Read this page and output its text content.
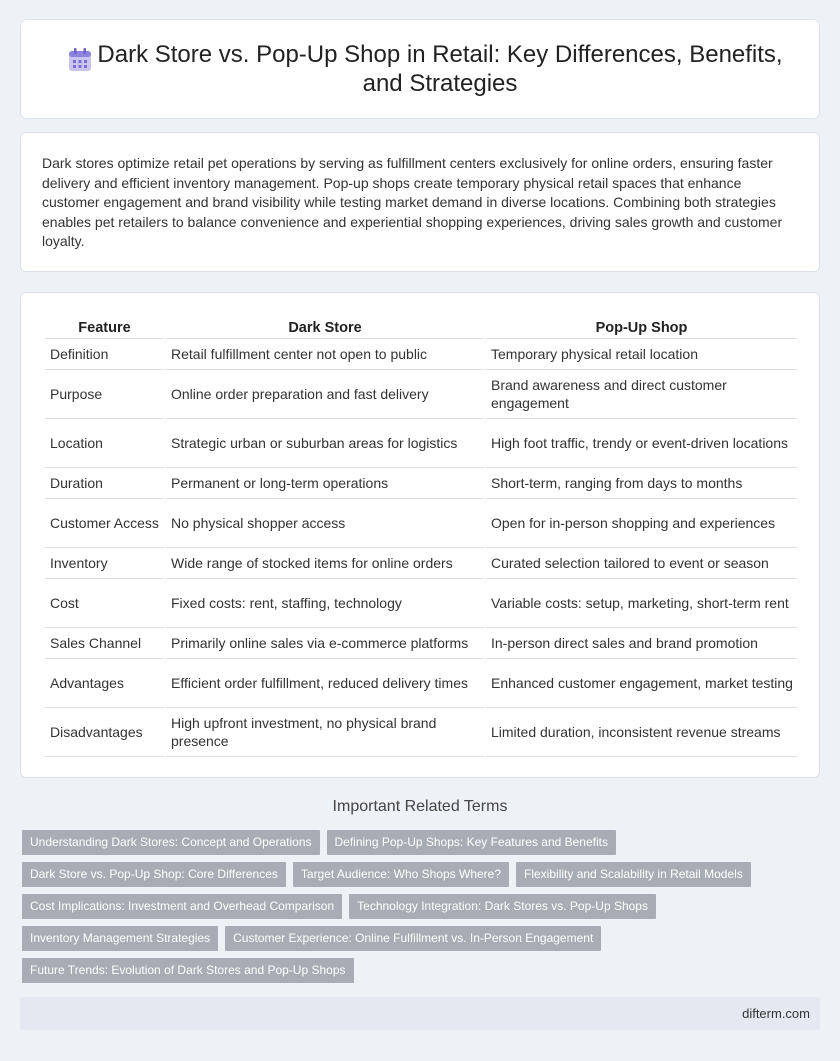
Dark Store vs. Pop-Up Shop in Retail: Key Differences, Benefits, and Strategies

Dark stores optimize retail pet operations by serving as fulfillment centers exclusively for online orders, ensuring faster delivery and efficient inventory management. Pop-up shops create temporary physical retail spaces that enhance customer engagement and brand visibility while testing market demand in diverse locations. Combining both strategies enables pet retailers to balance convenience and experiential shopping experiences, driving sales growth and customer loyalty.

Feature	Dark Store	Pop-Up Shop
Definition	Retail fulfillment center not open to public	Temporary physical retail location
Purpose	Online order preparation and fast delivery	Brand awareness and direct customer engagement
Location	Strategic urban or suburban areas for logistics	High foot traffic, trendy or event-driven locations
Duration	Permanent or long-term operations	Short-term, ranging from days to months
Customer Access	No physical shopper access	Open for in-person shopping and experiences
Inventory	Wide range of stocked items for online orders	Curated selection tailored to event or season
Cost	Fixed costs: rent, staffing, technology	Variable costs: setup, marketing, short-term rent
Sales Channel	Primarily online sales via e-commerce platforms	In-person direct sales and brand promotion
Advantages	Efficient order fulfillment, reduced delivery times	Enhanced customer engagement, market testing
Disadvantages	High upfront investment, no physical brand presence	Limited duration, inconsistent revenue streams
Important Related Terms
Understanding Dark Stores: Concept and Operations	Defining Pop-Up Shops: Key Features and Benefits
Dark Store vs. Pop-Up Shop: Core Differences	Target Audience: Who Shops Where?	Flexibility and Scalability in Retail Models
Cost Implications: Investment and Overhead Comparison	Technology Integration: Dark Stores vs. Pop-Up Shops
Inventory Management Strategies	Customer Experience: Online Fulfillment vs. In-Person Engagement
Future Trends: Evolution of Dark Stores and Pop-Up Shops
difterm.com
